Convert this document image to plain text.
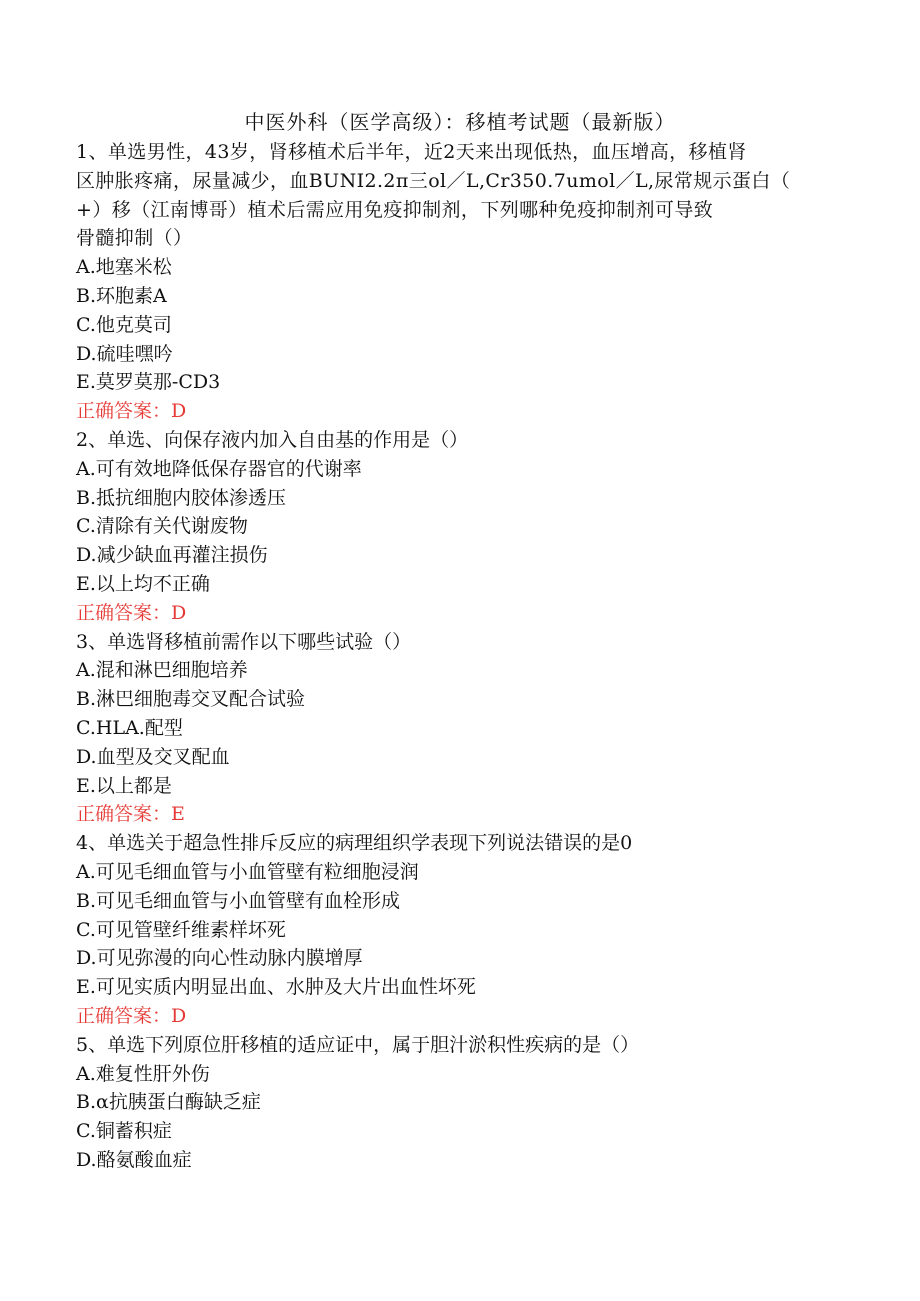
中医外科（医学高级）：移植考试题（最新版）
1、单选男性，43岁，肾移植术后半年，近2天来出现低热，血压增高，移植肾
区肿胀疼痛，尿量减少，血BUNI2.2π三ol／L,Cr350.7umol／L,尿常规示蛋白（
+）移（江南博哥）植术后需应用免疫抑制剂，下列哪种免疫抑制剂可导致
骨髓抑制（）
A.地塞米松
B.环胞素A
C.他克莫司
D.硫哇嘿吟
E.莫罗莫那-CD3
正确答案：D
2、单选、向保存液内加入自由基的作用是（）
A.可有效地降低保存器官的代谢率
B.抵抗细胞内胶体渗透压
C.清除有关代谢废物
D.减少缺血再灌注损伤
E.以上均不正确
正确答案：D
3、单选肾移植前需作以下哪些试验（）
A.混和淋巴细胞培养
B.淋巴细胞毒交叉配合试验
C.HLA.配型
D.血型及交叉配血
E.以上都是
正确答案：E
4、单选关于超急性排斥反应的病理组织学表现下列说法错误的是0
A.可见毛细血管与小血管壁有粒细胞浸润
B.可见毛细血管与小血管壁有血栓形成
C.可见管壁纤维素样坏死
D.可见弥漫的向心性动脉内膜增厚
E.可见实质内明显出血、水肿及大片出血性坏死
正确答案：D
5、单选下列原位肝移植的适应证中，属于胆汁淤积性疾病的是（）
A.难复性肝外伤
B.α抗胰蛋白酶缺乏症
C.铜蓄积症
D.酪氨酸血症
